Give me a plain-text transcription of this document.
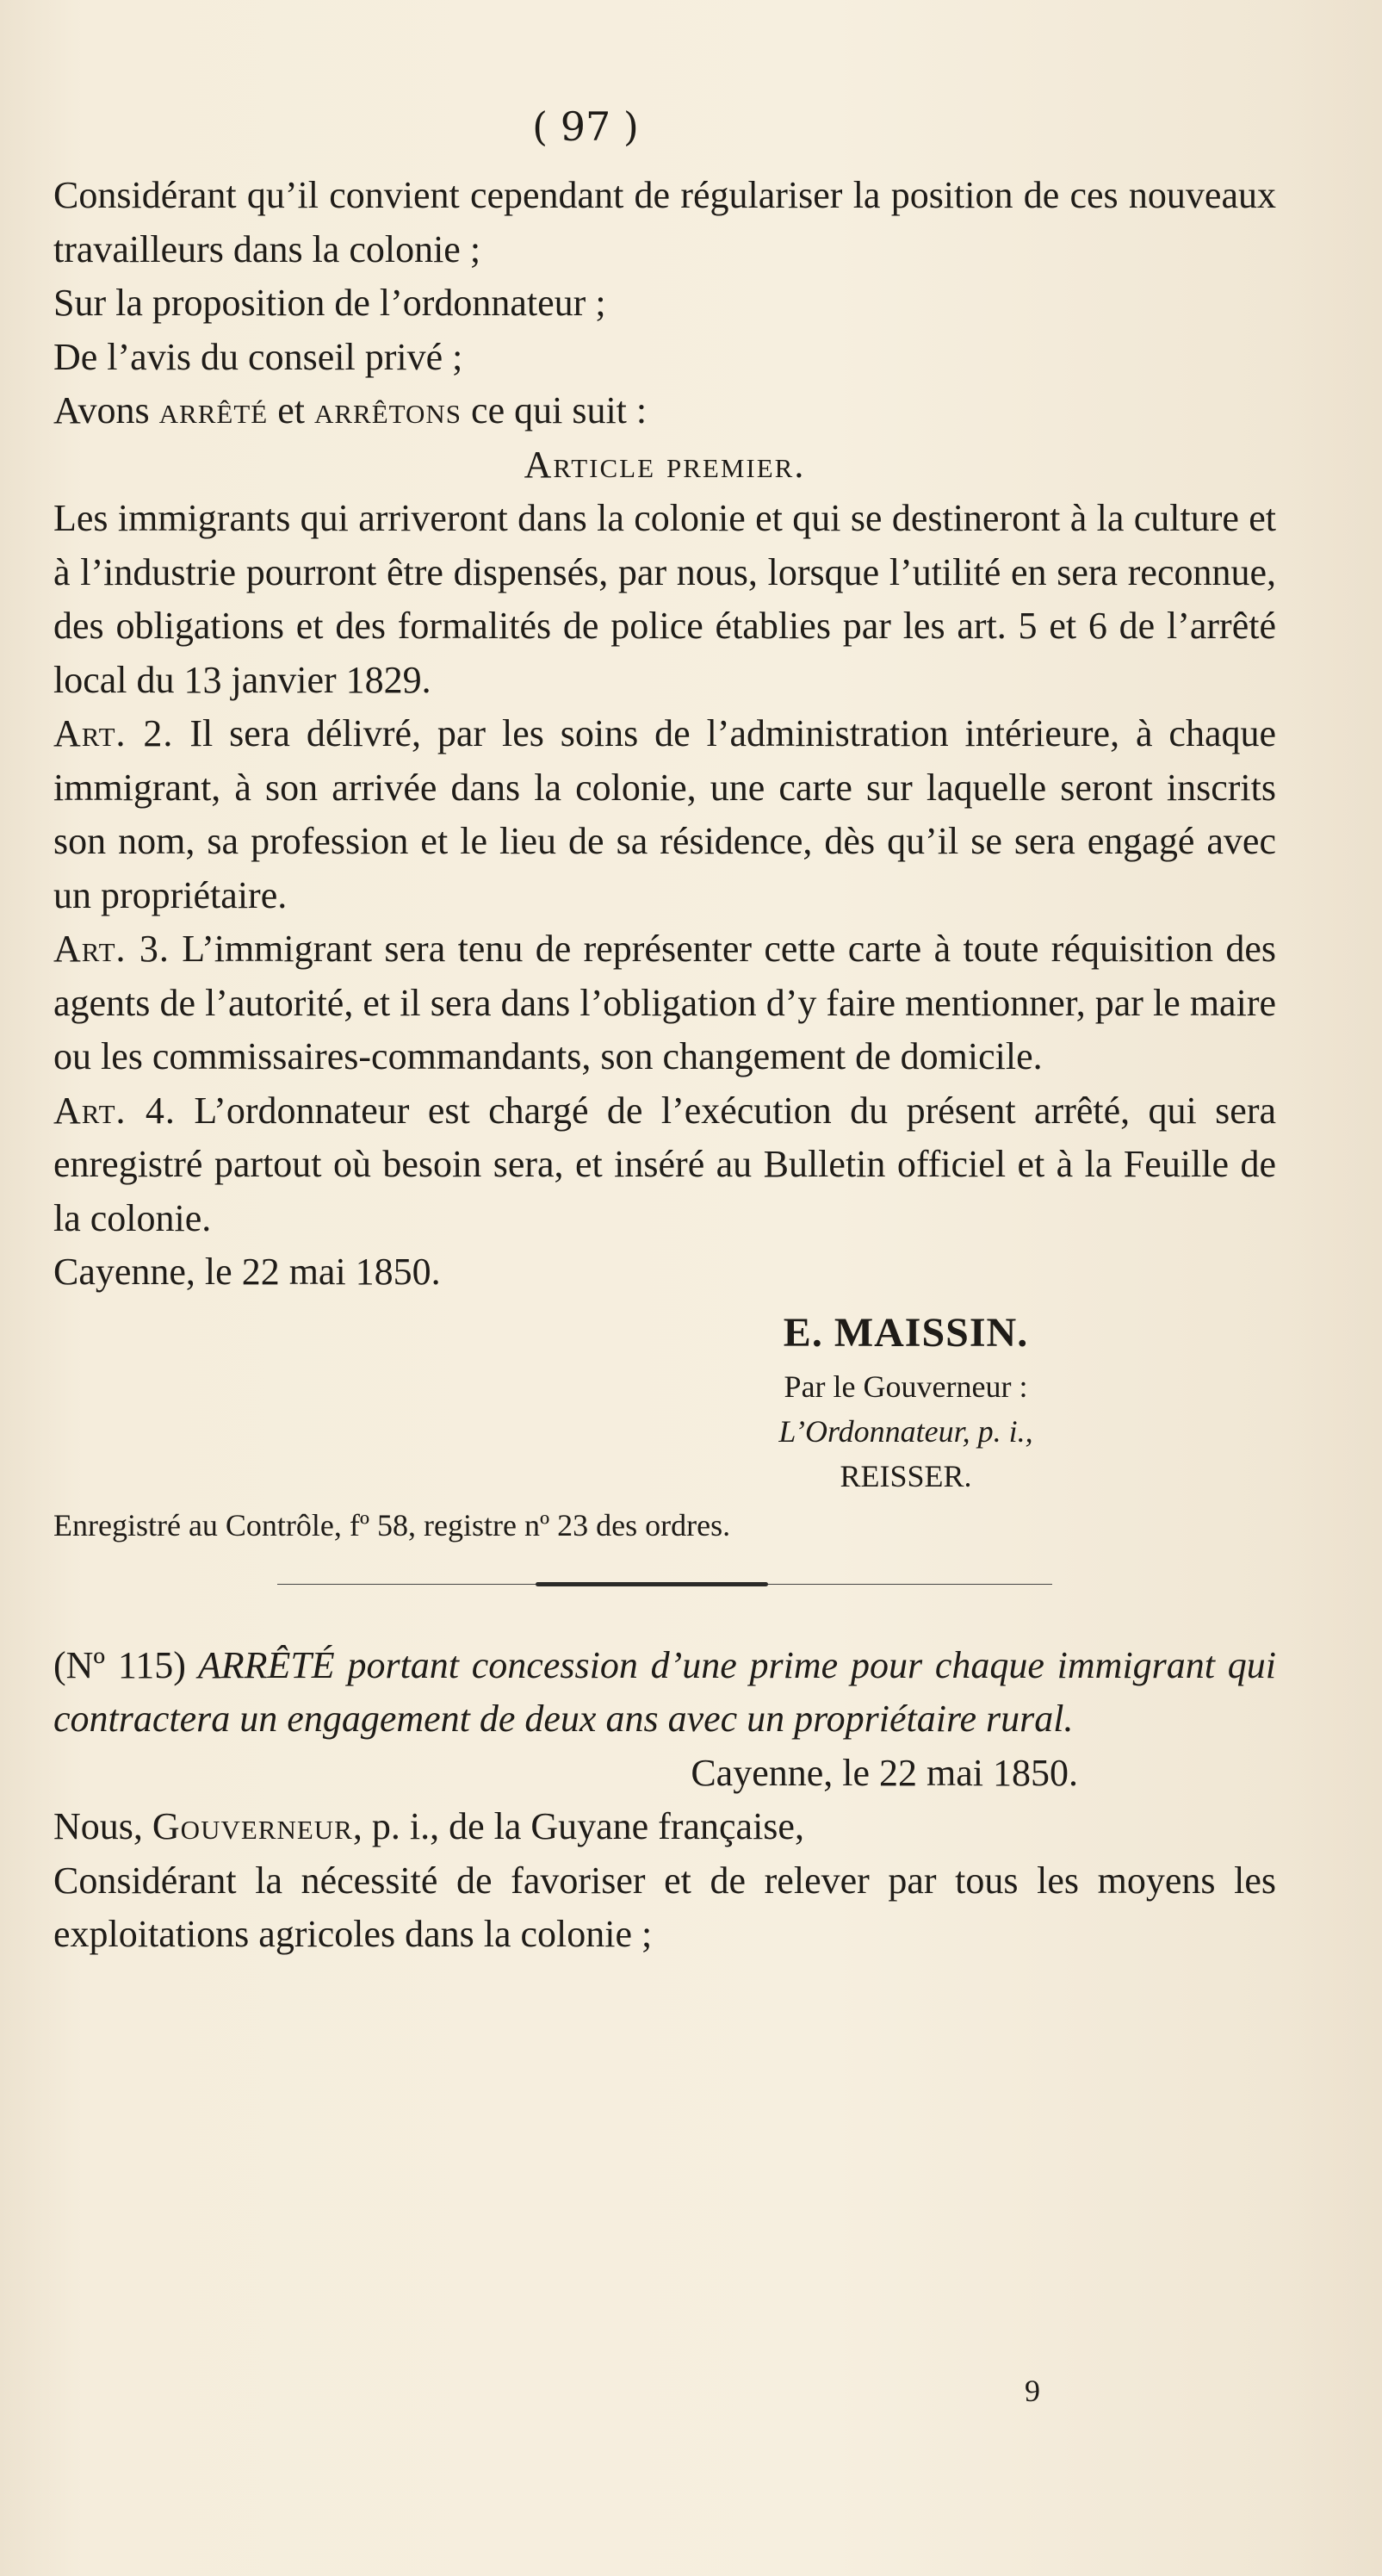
( 97 )

Considérant qu’il convient cependant de régulariser la position de ces nouveaux travailleurs dans la colonie ;

Sur la proposition de l’ordonnateur ;

De l’avis du conseil privé ;

Avons arrêté et arrêtons ce qui suit :

Article premier.

Les immigrants qui arriveront dans la colonie et qui se destineront à la culture et à l’industrie pourront être dispensés, par nous, lorsque l’utilité en sera reconnue, des obligations et des formalités de police établies par les art. 5 et 6 de l’arrêté local du 13 janvier 1829.

Art. 2. Il sera délivré, par les soins de l’administration intérieure, à chaque immigrant, à son arrivée dans la colonie, une carte sur laquelle seront inscrits son nom, sa profession et le lieu de sa résidence, dès qu’il se sera engagé avec un propriétaire.

Art. 3. L’immigrant sera tenu de représenter cette carte à toute réquisition des agents de l’autorité, et il sera dans l’obligation d’y faire mentionner, par le maire ou les commissaires-commandants, son changement de domicile.

Art. 4. L’ordonnateur est chargé de l’exécution du présent arrêté, qui sera enregistré partout où besoin sera, et inséré au Bulletin officiel et à la Feuille de la colonie.

Cayenne, le 22 mai 1850.

E. MAISSIN.
Par le Gouverneur :
L’Ordonnateur, p. i.,
REISSER.

Enregistré au Contrôle, fº 58, registre nº 23 des ordres.

(Nº 115) ARRÊTÉ portant concession d’une prime pour chaque immigrant qui contractera un engagement de deux ans avec un propriétaire rural.

Cayenne, le 22 mai 1850.

Nous, Gouverneur, p. i., de la Guyane française,

Considérant la nécessité de favoriser et de relever par tous les moyens les exploitations agricoles dans la colonie ;

9
